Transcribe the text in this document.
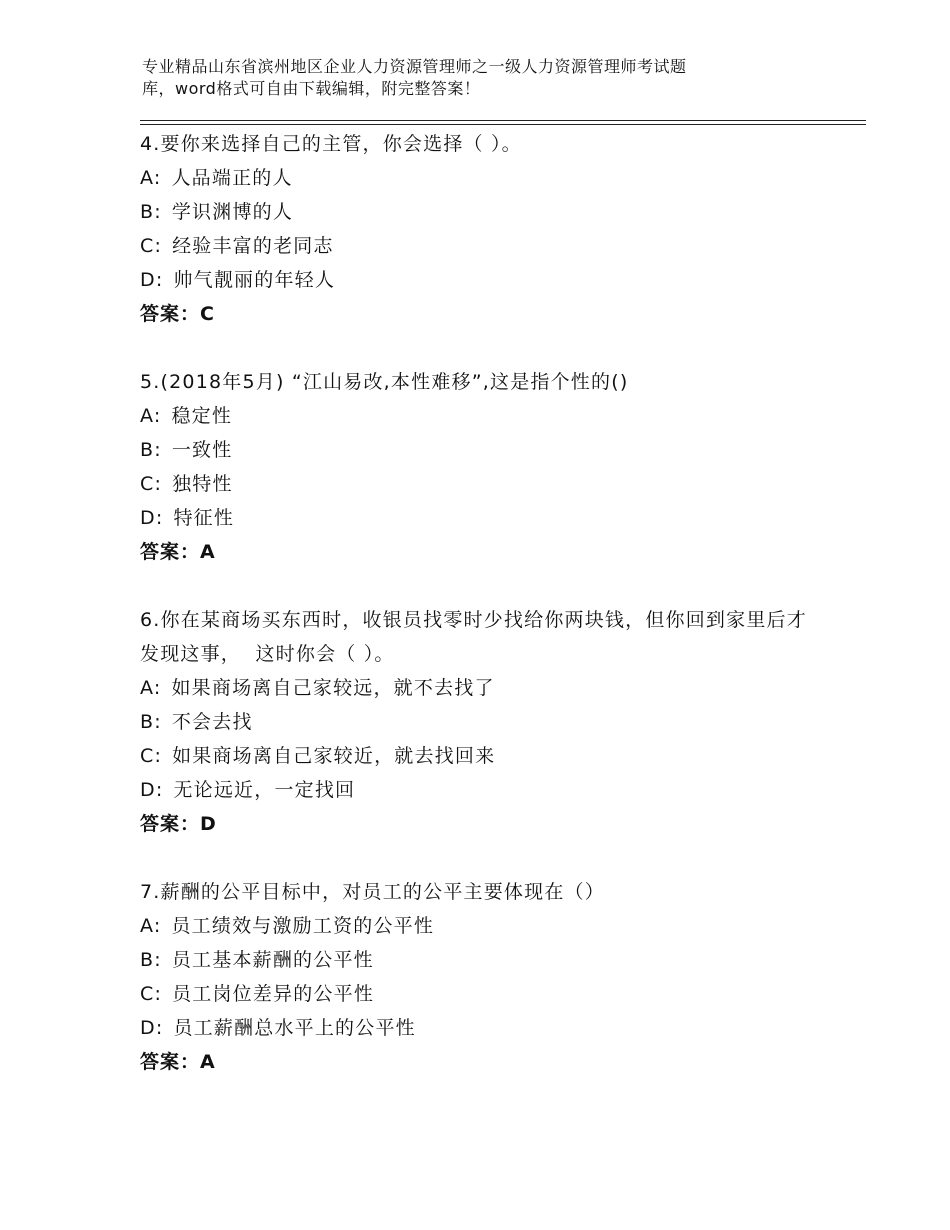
专业精品山东省滨州地区企业人力资源管理师之一级人力资源管理师考试题
库，word格式可自由下载编辑，附完整答案！
4.要你来选择自己的主管，你会选择（ ）。
A: 人品端正的人
B: 学识渊博的人
C: 经验丰富的老同志
D: 帅气靓丽的年轻人
答案：C
5.(2018年5月) “江山易改,本性难移”,这是指个性的()
A: 稳定性
B: 一致性
C: 独特性
D: 特征性
答案：A
6.你在某商场买东西时，收银员找零时少找给你两块钱，但你回到家里后才发现这事，  这时你会（ ）。
A: 如果商场离自己家较远，就不去找了
B: 不会去找
C: 如果商场离自己家较近，就去找回来
D: 无论远近，一定找回
答案：D
7.薪酬的公平目标中，对员工的公平主要体现在（）
A: 员工绩效与激励工资的公平性
B: 员工基本薪酬的公平性
C: 员工岗位差异的公平性
D: 员工薪酬总水平上的公平性
答案：A
